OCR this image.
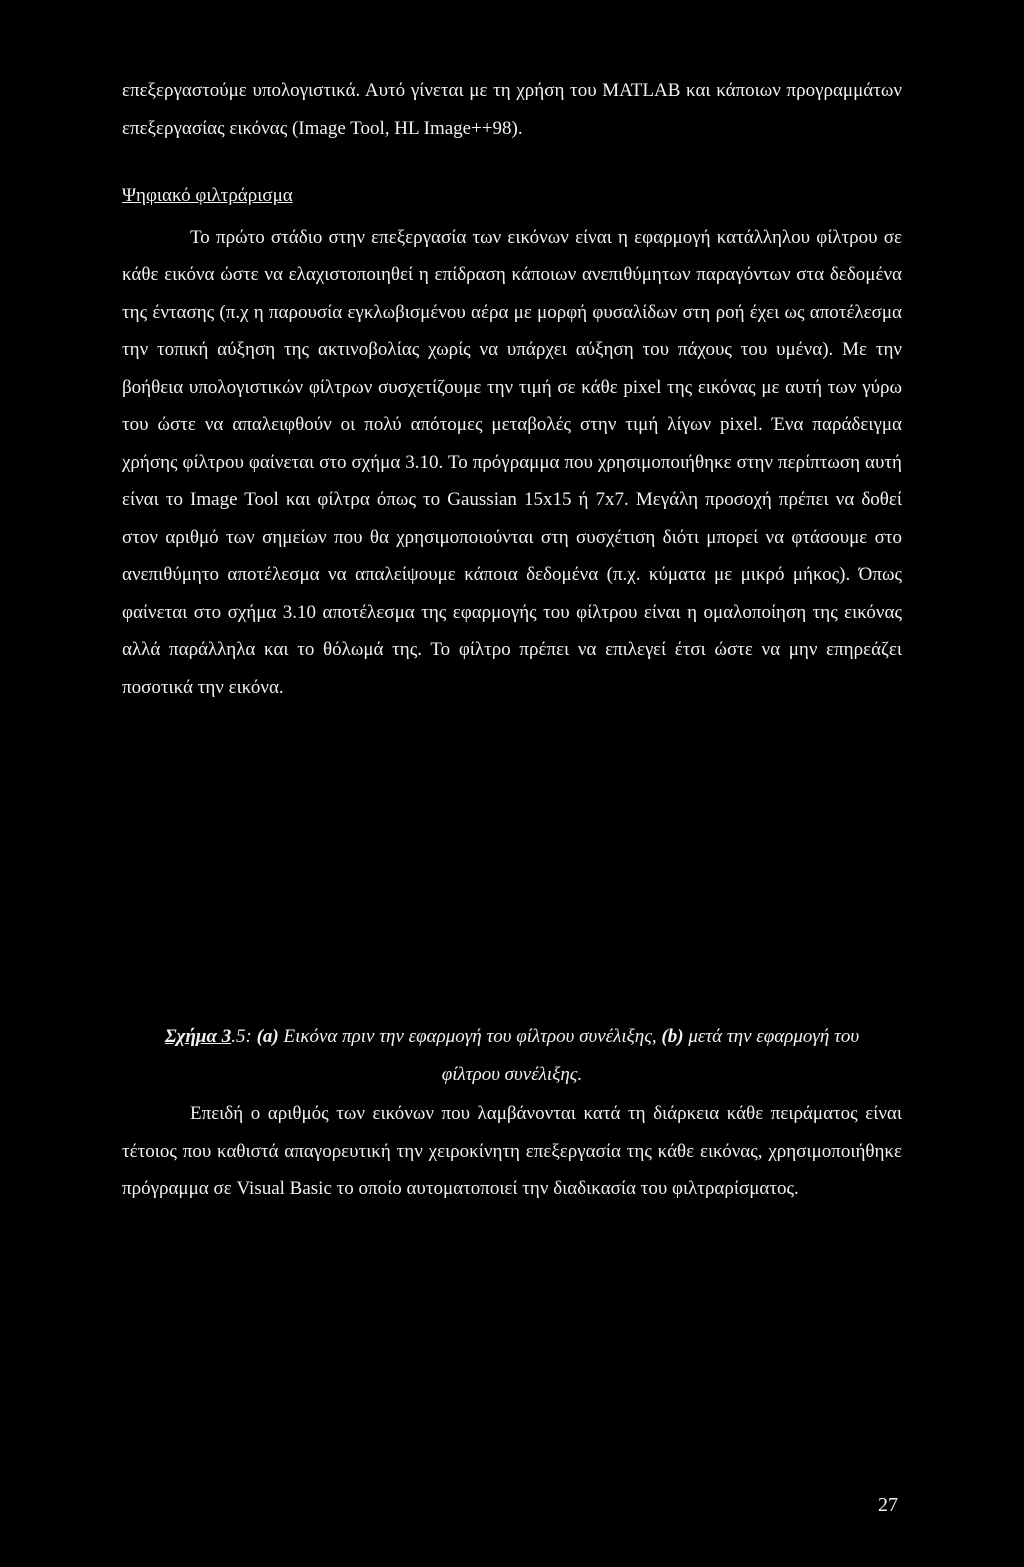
επεξεργαστούμε υπολογιστικά. Αυτό γίνεται με τη χρήση του MATLAB και κάποιων προγραμμάτων επεξεργασίας εικόνας (Image Tool, HL Image++98).

Ψηφιακό φιλτράρισμα

Το πρώτο στάδιο στην επεξεργασία των εικόνων είναι η εφαρμογή κατάλληλου φίλτρου σε κάθε εικόνα ώστε να ελαχιστοποιηθεί η επίδραση κάποιων ανεπιθύμητων παραγόντων στα δεδομένα της έντασης (π.χ η παρουσία εγκλωβισμένου αέρα με μορφή φυσαλίδων στη ροή έχει ως αποτέλεσμα την τοπική αύξηση της ακτινοβολίας χωρίς να υπάρχει αύξηση του πάχους του υμένα). Με την βοήθεια υπολογιστικών φίλτρων συσχετίζουμε την τιμή σε κάθε pixel της εικόνας με αυτή των γύρω του ώστε να απαλειφθούν οι πολύ απότομες μεταβολές στην τιμή λίγων pixel. Ένα παράδειγμα χρήσης φίλτρου φαίνεται στο σχήμα 3.10. Το πρόγραμμα που χρησιμοποιήθηκε στην περίπτωση αυτή είναι το Image Tool και φίλτρα όπως το Gaussian 15x15 ή 7x7. Μεγάλη προσοχή πρέπει να δοθεί στον αριθμό των σημείων που θα χρησιμοποιούνται στη συσχέτιση διότι μπορεί να φτάσουμε στο ανεπιθύμητο αποτέλεσμα να απαλείψουμε κάποια δεδομένα (π.χ. κύματα με μικρό μήκος). Όπως φαίνεται στο σχήμα 3.10 αποτέλεσμα της εφαρμογής του φίλτρου είναι η ομαλοποίηση της εικόνας αλλά παράλληλα και το θόλωμά της. Το φίλτρο πρέπει να επιλεγεί έτσι ώστε να μην επηρεάζει ποσοτικά την εικόνα.

Σχήμα 3.5: (a) Εικόνα πριν την εφαρμογή του φίλτρου συνέλιξης, (b) μετά την εφαρμογή του φίλτρου συνέλιξης.

Επειδή ο αριθμός των εικόνων που λαμβάνονται κατά τη διάρκεια κάθε πειράματος είναι τέτοιος που καθιστά απαγορευτική την χειροκίνητη επεξεργασία της κάθε εικόνας, χρησιμοποιήθηκε πρόγραμμα σε Visual Basic το οποίο αυτοματοποιεί την διαδικασία του φιλτραρίσματος.

27
